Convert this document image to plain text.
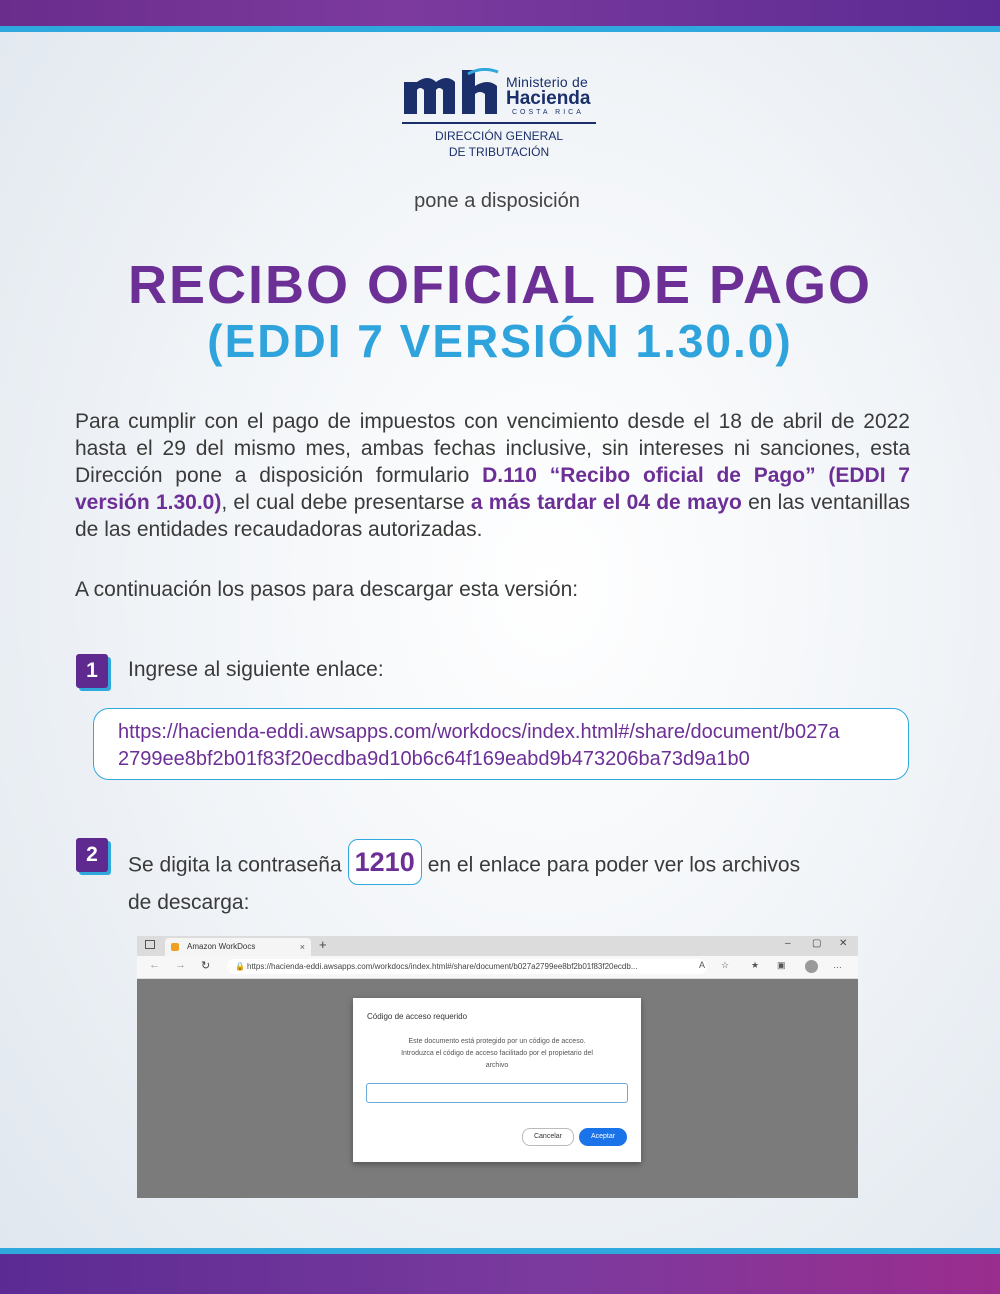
Ministerio de
Hacienda
COSTA RICA
DIRECCIÓN GENERAL
DE TRIBUTACIÓN
pone a disposición
RECIBO OFICIAL DE PAGO
(EDDI 7 VERSIÓN 1.30.0)
Para cumplir con el pago de impuestos con vencimiento desde el 18 de abril de 2022 hasta el 29 del mismo mes, ambas fechas inclusive, sin intereses ni sanciones, esta Dirección pone a disposición formulario D.110 “Recibo oficial de Pago” (EDDI 7 versión 1.30.0), el cual debe presentarse a más tardar el 04 de mayo en las ventanillas de las entidades recaudadoras autorizadas.
A continuación los pasos para descargar esta versión:
1	Ingrese al siguiente enlace:
https://hacienda-eddi.awsapps.com/workdocs/index.html#/share/document/b027a
2799ee8bf2b01f83f20ecdba9d10b6c64f169eabd9b473206ba73d9a1b0
2	Se digita la contraseña 1210 en el enlace para poder ver los archivos
de descarga:
Amazon WorkDocs	× +	– ▢ ✕
← → ↻	🔒 https://hacienda-eddi.awsapps.com/workdocs/index.html#/share/document/b027a2799ee8bf2b01f83f20ecdb...	A ☆ ★ ▣	…
Código de acceso requerido
Este documento está protegido por un código de acceso.
Introduzca el código de acceso facilitado por el propietario del
archivo
Cancelar	Aceptar
